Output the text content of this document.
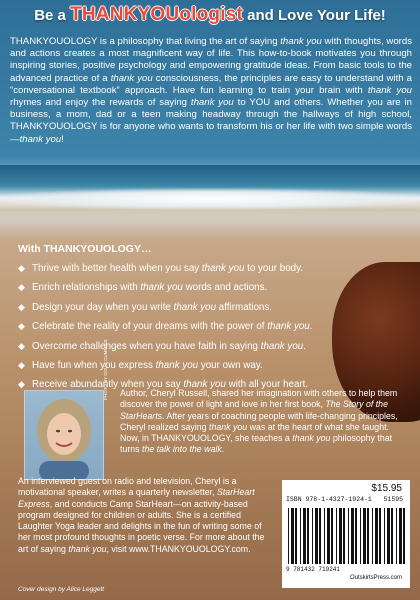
Be a THANKYOUologist and Love Your Life!
THANKYOUOLOGY is a philosophy that living the art of saying thank you with thoughts, words and actions creates a most magnificent way of life. This how-to-book motivates you through inspiring stories, positive psychology and empowering gratitude ideas. From basic tools to the advanced practice of a thank you consciousness, the principles are easy to understand with a “conversational textbook” approach. Have fun learning to train your brain with thank you rhymes and enjoy the rewards of saying thank you to YOU and others. Whether you are in business, a mom, dad or a teen making headway through the hallways of high school, THANKYOUOLOGY is for anyone who wants to transform his or her life with two simple words—thank you!
With THANKYOUOLOGY…
◆ Thrive with better health when you say thank you to your body.
◆ Enrich relationships with thank you words and actions.
◆ Design your day when you write thank you affirmations.
◆ Celebrate the reality of your dreams with the power of thank you.
◆ Overcome challenges when you have faith in saying thank you.
◆ Have fun when you express thank you your own way.
◆ Receive abundantly when you say thank you with all your heart.
PHOTO BY DOUG CUMMINS Author, Cheryl Russell, shared her imagination with others to help them discover the power of light and love in her first book, The Story of the StarHearts. After years of coaching people with life-changing principles, Cheryl realized saying thank you was at the heart of what she taught. Now, in THANKYOUOLOGY, she teaches a thank you philosophy that turns the talk into the walk.
An interviewed guest on radio and television, Cheryl is a motivational speaker, writes a quarterly newsletter, StarHeart Express, and conducts Camp StarHeart—on activity-based program designed for children or adults. She is a certified Laughter Yoga leader and delights in the fun of writing some of her most profound thoughts in poetic verse. For more about the art of saying thank you, visit www.THANKYOUOLOGY.com.
$15.95
ISBN 978-1-4327-1924-1 51595
9 781432 719241
OutskirtsPress.com
Cover design by Alice Leggett
